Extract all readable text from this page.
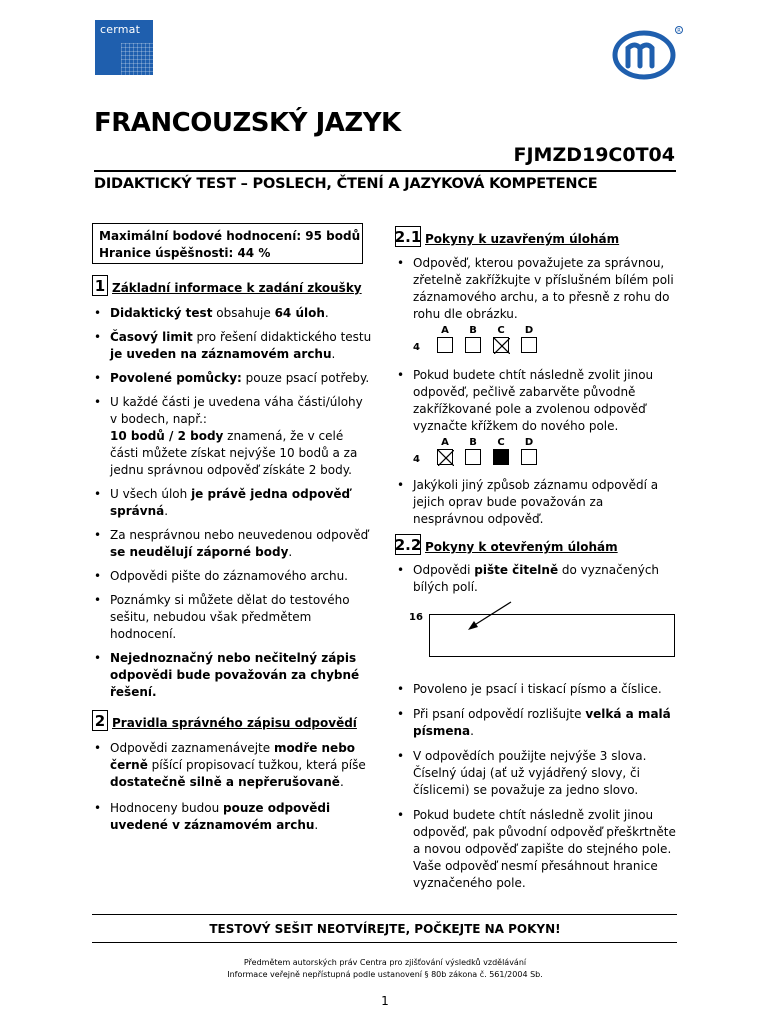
cermat	R
FRANCOUZSKÝ JAZYK
FJMZD19C0T04
DIDAKTICKÝ TEST – POSLECH, ČTENÍ A JAZYKOVÁ KOMPETENCE
Maximální bodové hodnocení: 95 bodů
Hranice úspěšnosti: 44 %
1 Základní informace k zadání zkoušky
• Didaktický test obsahuje 64 úloh.
• Časový limit pro řešení didaktického testu je uveden na záznamovém archu.
• Povolené pomůcky: pouze psací potřeby.
• U každé části je uvedena váha části/úlohy v bodech, např.:
10 bodů / 2 body znamená, že v celé části můžete získat nejvýše 10 bodů a za jednu správnou odpověď získáte 2 body.
• U všech úloh je právě jedna odpověď správná.
• Za nesprávnou nebo neuvedenou odpověď se neudělují záporné body.
• Odpovědi pište do záznamového archu.
• Poznámky si můžete dělat do testového sešitu, nebudou však předmětem hodnocení.
• Nejednoznačný nebo nečitelný zápis odpovědi bude považován za chybné řešení.
2 Pravidla správného zápisu odpovědí
• Odpovědi zaznamenávejte modře nebo černě píšící propisovací tužkou, která píše dostatečně silně a nepřerušovaně.
• Hodnoceny budou pouze odpovědi uvedené v záznamovém archu.
2.1 Pokyny k uzavřeným úlohám
• Odpověď, kterou považujete za správnou, zřetelně zakřížkujte v příslušném bílém poli záznamového archu, a to přesně z rohu do rohu dle obrázku.
4
A B C D
• Pokud budete chtít následně zvolit jinou odpověď, pečlivě zabarvěte původně zakřížkované pole a zvolenou odpověď vyznačte křížkem do nového pole.
4
A B C D
• Jakýkoli jiný způsob záznamu odpovědí a jejich oprav bude považován za nesprávnou odpověď.
2.2 Pokyny k otevřeným úlohám
• Odpovědi pište čitelně do vyznačených bílých polí.
16
• Povoleno je psací i tiskací písmo a číslice.
• Při psaní odpovědí rozlišujte velká a malá písmena.
• V odpovědích použijte nejvýše 3 slova. Číselný údaj (ať už vyjádřený slovy, či číslicemi) se považuje za jedno slovo.
• Pokud budete chtít následně zvolit jinou odpověď, pak původní odpověď přeškrtněte a novou odpověď zapište do stejného pole. Vaše odpověď nesmí přesáhnout hranice vyznačeného pole.
TESTOVÝ SEŠIT NEOTVÍREJTE, POČKEJTE NA POKYN!
Předmětem autorských práv Centra pro zjišťování výsledků vzdělávání
Informace veřejně nepřístupná podle ustanovení § 80b zákona č. 561/2004 Sb.
1
